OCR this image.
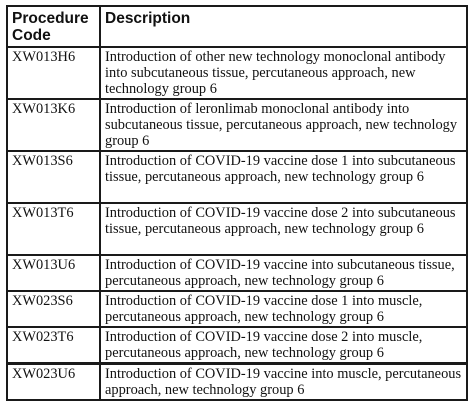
Procedure Code	Description
XW013H6	Introduction of other new technology monoclonal antibody into subcutaneous tissue, percutaneous approach, new technology group 6
XW013K6	Introduction of leronlimab monoclonal antibody into subcutaneous tissue, percutaneous approach, new technology group 6
XW013S6	Introduction of COVID-19 vaccine dose 1 into subcutaneous tissue, percutaneous approach, new technology group 6
XW013T6	Introduction of COVID-19 vaccine dose 2 into subcutaneous tissue, percutaneous approach, new technology group 6
XW013U6	Introduction of COVID-19 vaccine into subcutaneous tissue, percutaneous approach, new technology group 6
XW023S6	Introduction of COVID-19 vaccine dose 1 into muscle, percutaneous approach, new technology group 6
XW023T6	Introduction of COVID-19 vaccine dose 2 into muscle, percutaneous approach, new technology group 6
XW023U6	Introduction of COVID-19 vaccine into muscle, percutaneous approach, new technology group 6
